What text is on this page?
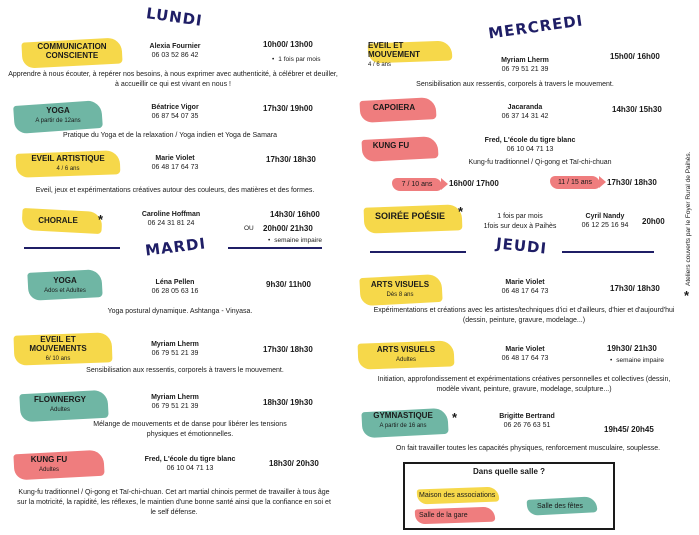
LUNDI	MERCREDI
MARDI	JEUDI
COMMUNICATION CONSCIENTE
Alexia Fournier
06 03 52 86 42
10h00/ 13h00
• 1 fois par mois
Apprendre à nous écouter, à repérer nos besoins, à nous exprimer avec authenticité, à célébrer et deuiller, à accueillir ce qui est vivant en nous !
YOGA
A partir de 12ans
Béatrice Vigor
06 87 54 07 35
17h30/ 19h00
Pratique du Yoga et de la relaxation / Yoga indien et Yoga de Samara
EVEIL ARTISTIQUE
4 / 6 ans
Marie Violet
06 48 17 64 73
17h30/ 18h30
Eveil, jeux et expérimentations créatives autour des couleurs, des matières et des formes.
CHORALE	*	Caroline Hoffman
06 24 31 81 24
14h30/ 16h00
OU 20h00/ 21h30
• semaine impaire
YOGA
Ados et Adultes
Léna Pellen
06 28 05 63 16
9h30/ 11h00
Yoga postural dynamique. Ashtanga - Vinyasa.
EVEIL ET MOUVEMENTS
6/ 10 ans
Myriam Lherm
06 79 51 21 39	17h30/ 18h30
Sensibilisation aux ressentis, corporels à travers le mouvement.
FLOWNERGY
Adultes
Myriam Lherm
06 79 51 21 39	18h30/ 19h30
Mélange de mouvements et de danse pour libérer les tensions physiques et émotionnelles.
KUNG FU
Adultes
Fred, L'école du tigre blanc
06 10 04 71 13
18h30/ 20h30
Kung-fu traditionnel / Qi-gong et Taï-chi-chuan. Cet art martial chinois permet de travailler à tous âge sur la motricité, la rapidité, les réflexes, le maintien d'une bonne santé ainsi que la confiance en soi et le self défense.
EVEIL ET MOUVEMENT
4 / 6 ans
Myriam Lherm
06 79 51 21 39
15h00/ 16h00
Sensibilisation aux ressentis, corporels à travers le mouvement.
CAPOIERA	Jacaranda
06 37 14 31 42
14h30/ 15h30
KUNG FU
Fred, L'école du tigre blanc
06 10 04 71 13
Kung-fu traditionnel / Qi-gong et Taï-chi-chuan
7 / 10 ans	16h00/ 17h00	11 / 15 ans	17h30/ 18h30
SOIRÉE POÉSIE *	1 fois par mois
1fois sur deux à Paihès
Cyril Nandy
06 12 25 16 94	20h00
ARTS VISUELS
Dès 8 ans
Marie Violet
06 48 17 64 73	17h30/ 18h30
Expérimentations et créations avec les artistes/techniques d'ici et d'ailleurs, d'hier et d'aujourd'hui (dessin, peinture, gravure, modelage...)
ARTS VISUELS
Adultes
Marie Violet
06 48 17 64 73
19h30/ 21h30
• semaine impaire
Initiation, approfondissement et expérimentations créatives personnelles et collectives (dessin, modèle vivant, peinture, gravure, modelage, sculpture...)
GYMNASTIQUE
A partir de 16 ans
*	Brigitte Bertrand
06 26 76 63 51	19h45/ 20h45
On fait travailler toutes les capacités physiques, renforcement musculaire, souplesse.
Dans quelle salle ?
Maison des associations
Salle de la gare
Salle des fêtes
*
Ateliers couverts par le Foyer Rural de Paihès.
